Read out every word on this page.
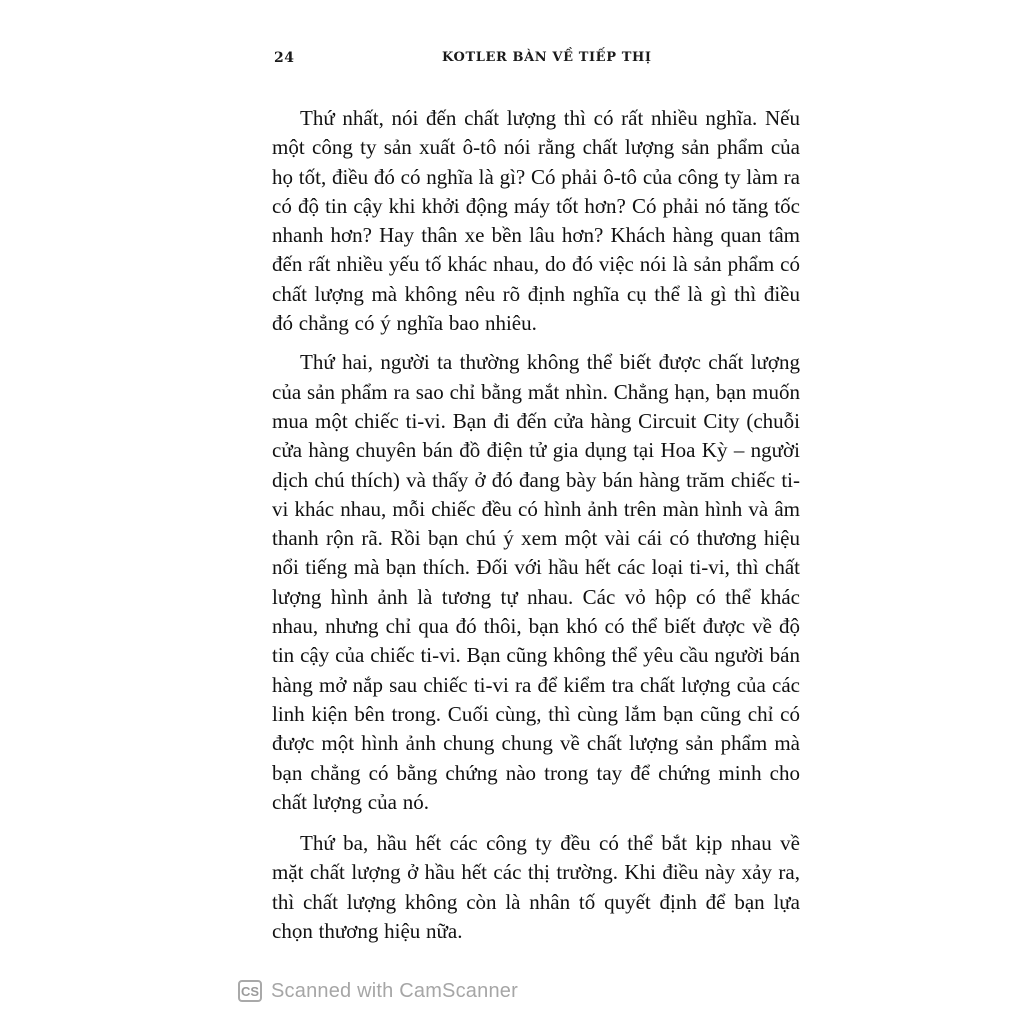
24	KOTLER BÀN VỀ TIẾP THỊ

Thứ nhất, nói đến chất lượng thì có rất nhiều nghĩa. Nếu một công ty sản xuất ô-tô nói rằng chất lượng sản phẩm của họ tốt, điều đó có nghĩa là gì? Có phải ô-tô của công ty làm ra có độ tin cậy khi khởi động máy tốt hơn? Có phải nó tăng tốc nhanh hơn? Hay thân xe bền lâu hơn? Khách hàng quan tâm đến rất nhiều yếu tố khác nhau, do đó việc nói là sản phẩm có chất lượng mà không nêu rõ định nghĩa cụ thể là gì thì điều đó chẳng có ý nghĩa bao nhiêu.

Thứ hai, người ta thường không thể biết được chất lượng của sản phẩm ra sao chỉ bằng mắt nhìn. Chẳng hạn, bạn muốn mua một chiếc ti-vi. Bạn đi đến cửa hàng Circuit City (chuỗi cửa hàng chuyên bán đồ điện tử gia dụng tại Hoa Kỳ – người dịch chú thích) và thấy ở đó đang bày bán hàng trăm chiếc ti-vi khác nhau, mỗi chiếc đều có hình ảnh trên màn hình và âm thanh rộn rã. Rồi bạn chú ý xem một vài cái có thương hiệu nổi tiếng mà bạn thích. Đối với hầu hết các loại ti-vi, thì chất lượng hình ảnh là tương tự nhau. Các vỏ hộp có thể khác nhau, nhưng chỉ qua đó thôi, bạn khó có thể biết được về độ tin cậy của chiếc ti-vi. Bạn cũng không thể yêu cầu người bán hàng mở nắp sau chiếc ti-vi ra để kiểm tra chất lượng của các linh kiện bên trong. Cuối cùng, thì cùng lắm bạn cũng chỉ có được một hình ảnh chung chung về chất lượng sản phẩm mà bạn chẳng có bằng chứng nào trong tay để chứng minh cho chất lượng của nó.

Thứ ba, hầu hết các công ty đều có thể bắt kịp nhau về mặt chất lượng ở hầu hết các thị trường. Khi điều này xảy ra, thì chất lượng không còn là nhân tố quyết định để bạn lựa chọn thương hiệu nữa.

CS Scanned with CamScanner
